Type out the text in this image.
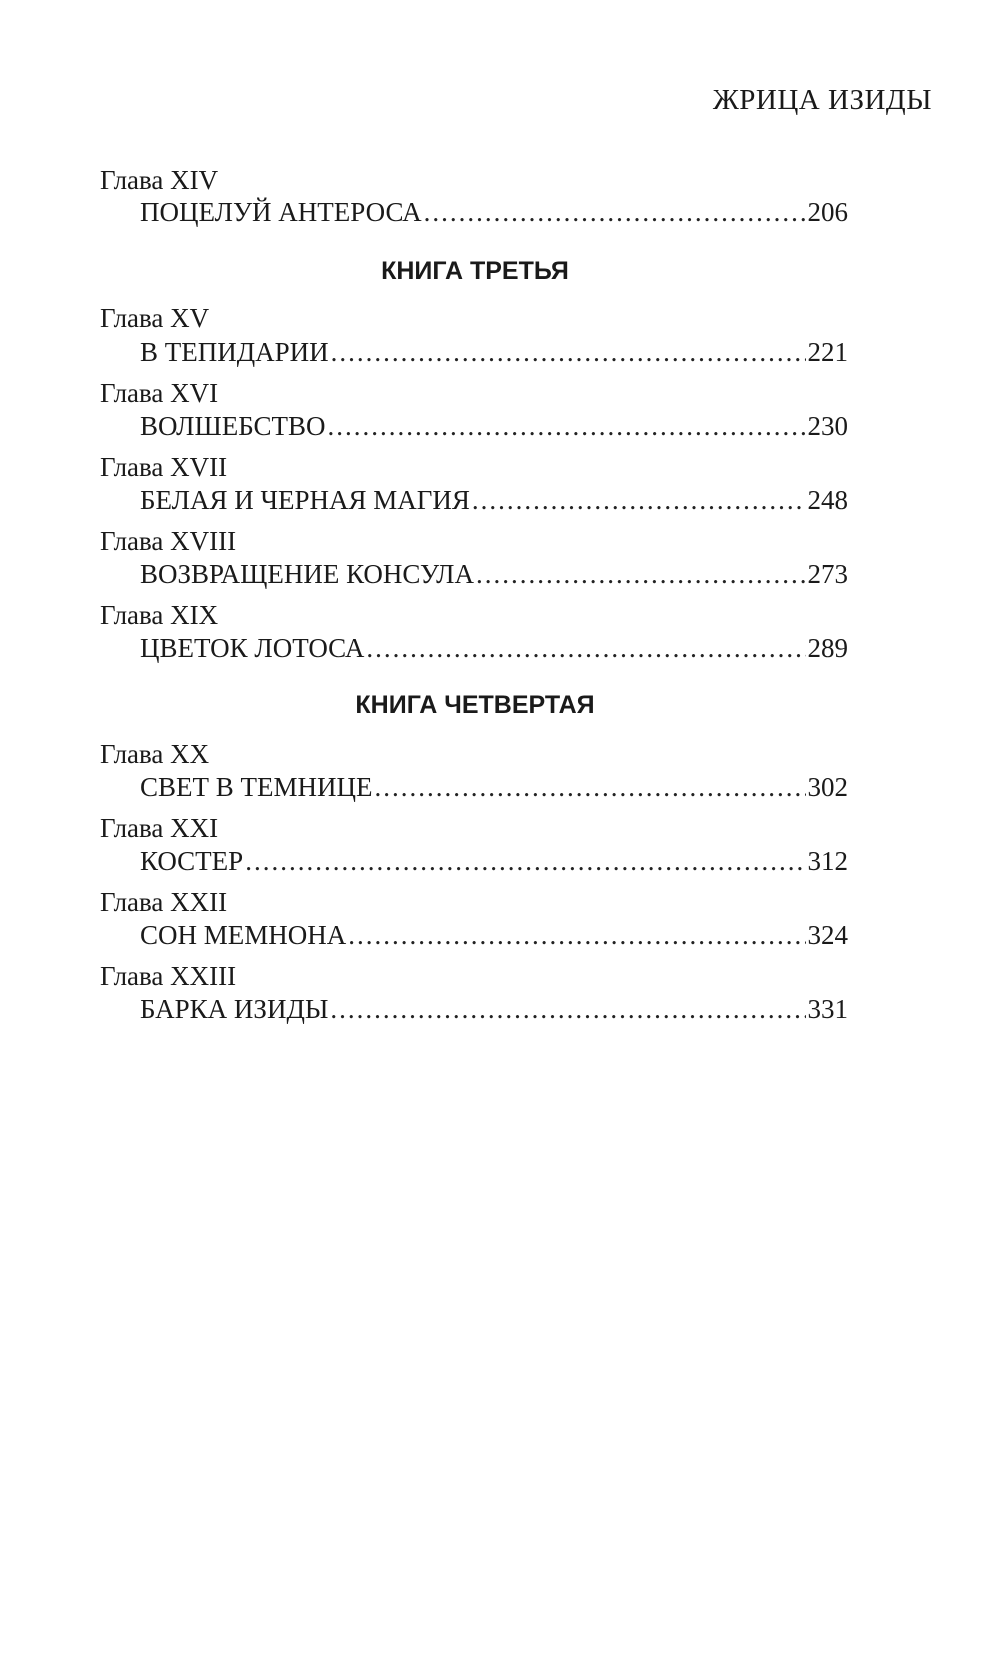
ЖРИЦА ИЗИДЫ
Глава XIV
ПОЦЕЛУЙ АНТЕРОСА .....	206
КНИГА ТРЕТЬЯ
Глава XV
В ТЕПИДАРИИ .....	221
Глава XVI
ВОЛШЕБСТВО .....	230
Глава XVII
БЕЛАЯ И ЧЕРНАЯ МАГИЯ .....	248
Глава XVIII
ВОЗВРАЩЕНИЕ КОНСУЛА .....	273
Глава XIX
ЦВЕТОК ЛОТОСА .....	289
КНИГА ЧЕТВЕРТАЯ
Глава XX
СВЕТ В ТЕМНИЦЕ .....	302
Глава XXI
КОСТЕР .....	312
Глава XXII
СОН МЕМНОНА .....	324
Глава XXIII
БАРКА ИЗИДЫ .....	331
